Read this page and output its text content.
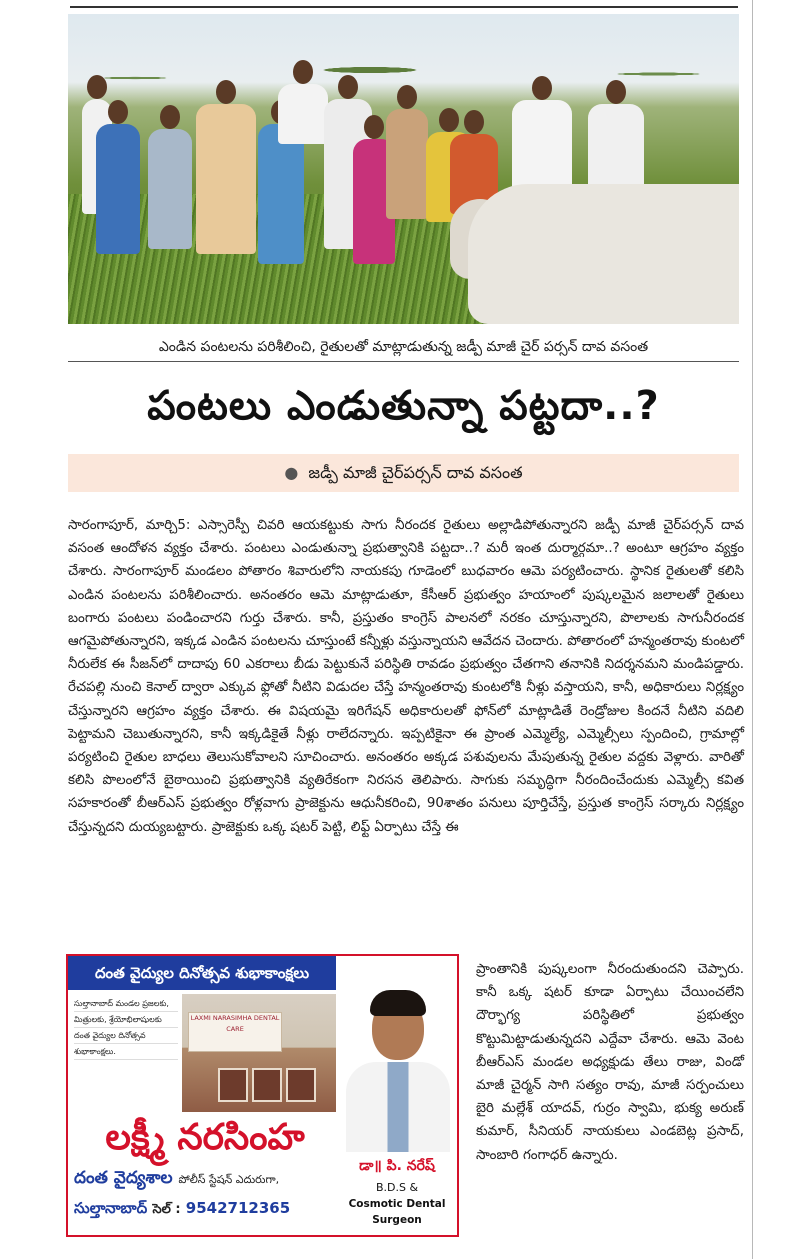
ఎండిన పంటలను పరిశీలించి, రైతులతో మాట్లాడుతున్న జడ్పీ మాజీ చైర్ పర్సన్ దావ వసంత
పంటలు ఎండుతున్నా పట్టదా..?
● జడ్పీ మాజీ చైర్‌పర్సన్ దావ వసంత

సారంగాపూర్, మార్చి5: ఎస్సారెస్పీ చివరి ఆయకట్టుకు సాగు నీరందక రైతులు అల్లాడిపోతున్నారని జడ్పీ మాజీ చైర్‌పర్సన్ దావ వసంత ఆందోళన వ్యక్తం చేశారు. పంటలు ఎండుతున్నా ప్రభుత్వానికి పట్టదా..? మరీ ఇంత దుర్మార్గమా..? అంటూ ఆగ్రహం వ్యక్తం చేశారు. సారంగాపూర్ మండలం పోతారం శివారులోని నాయకపు గూడెంలో బుధవారం ఆమె పర్యటించారు. స్థానిక రైతులతో కలిసి ఎండిన పంటలను పరిశీలించారు. అనంతరం ఆమె మాట్లాడుతూ, కేసీఆర్ ప్రభుత్వం హయాంలో పుష్కలమైన జలాలతో రైతులు బంగారు పంటలు పండించారని గుర్తు చేశారు. కానీ, ప్రస్తుతం కాంగ్రెస్ పాలనలో నరకం చూస్తున్నారని, పొలాలకు సాగునీరందక ఆగమైపోతున్నారని, ఇక్కడ ఎండిన పంటలను చూస్తుంటే కన్నీళ్లు వస్తున్నాయని ఆవేదన చెందారు. పోతారంలో హన్మంతరావు కుంటలో నీరులేక ఈ సీజన్‌లో దాదాపు 60 ఎకరాలు బీడు పెట్టుకునే పరిస్థితి రావడం ప్రభుత్వం చేతగాని తనానికి నిదర్శనమని మండిపడ్డారు. రేచపల్లి నుంచి కెనాల్ ద్వారా ఎక్కువ ఫ్లోతో నీటిని విడుదల చేస్తే హన్మంతరావు కుంటలోకి నీళ్లు వస్తాయని, కానీ, అధికారులు నిర్లక్ష్యం చేస్తున్నారని ఆగ్రహం వ్యక్తం చేశారు. ఈ విషయమై ఇరిగేషన్ అధికారులతో ఫోన్‌లో మాట్లాడితే రెండ్రోజుల కిందనే నీటిని వదిలి పెట్టామని చెబుతున్నారని, కానీ ఇక్కడికైతే నీళ్లు రాలేదన్నారు. ఇప్పటికైనా ఈ ప్రాంత ఎమ్మెల్యే, ఎమ్మెల్సీలు స్పందించి, గ్రామాల్లో పర్యటించి రైతుల బాధలు తెలుసుకోవాలని సూచించారు. అనంతరం అక్కడ పశువులను మేపుతున్న రైతుల వద్దకు వెళ్లారు. వారితో కలిసి పొలంలోనే బైఠాయించి ప్రభుత్వానికి వ్యతిరేకంగా నిరసన తెలిపారు. సాగుకు సమృద్ధిగా నీరందించేందుకు ఎమ్మెల్సీ కవిత సహకారంతో బీఆర్ఎస్ ప్రభుత్వం రోళ్లవాగు ప్రాజెక్టును ఆధునీకరించి, 90శాతం పనులు పూర్తిచేస్తే, ప్రస్తుత కాంగ్రెస్ సర్కారు నిర్లక్ష్యం చేస్తున్నదని దుయ్యబట్టారు. ప్రాజెక్టుకు ఒక్క షటర్ పెట్టి, లిఫ్ట్ ఏర్పాటు చేస్తే ఈ

ప్రాంతానికి పుష్కలంగా నీరందుతుందని చెప్పారు. కానీ ఒక్క షటర్ కూడా ఏర్పాటు చేయించలేని దౌర్భాగ్య పరిస్థితిలో ప్రభుత్వం కొట్టుమిట్టాడుతున్నదని ఎద్దేవా చేశారు. ఆమె వెంట బీఆర్ఎస్ మండల అధ్యక్షుడు తేలు రాజు, విండో మాజీ చైర్మన్ సాగి సత్యం రావు, మాజీ సర్పంచులు బైరి మల్లేశ్ యాదవ్, గుర్రం స్వామి, భుక్య అరుణ్ కుమార్, సీనియర్ నాయకులు ఎండబెట్ల ప్రసాద్, సాంబారి గంగాధర్ ఉన్నారు.

దంత వైద్యుల దినోత్సవ శుభాకాంక్షలు
సుల్తానాబాద్ మండల ప్రజలకు,
మిత్రులకు, శ్రేయోభిలాషులకు
దంత వైద్యుల దినోత్సవ
శుభాకాంక్షలు.
LAXMI NARASIMHA DENTAL CARE
లక్ష్మీ నరసింహ
దంత వైద్యశాల పోలీస్ స్టేషన్ ఎదురుగా,
సుల్తానాబాద్ సెల్ : 9542712365
డా॥ పి. నరేష్
B.D.S &
Cosmotic Dental Surgeon
